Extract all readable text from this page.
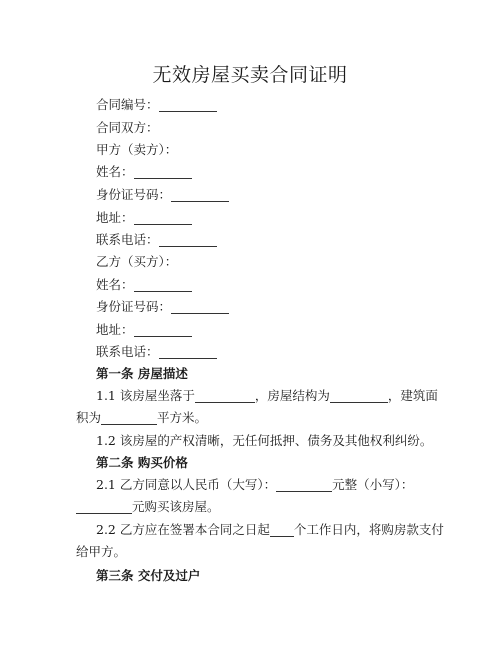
无效房屋买卖合同证明
合同编号：
合同双方：
甲方（卖方）：
姓名：
身份证号码：
地址：
联系电话：
乙方（买方）：
姓名：
身份证号码：
地址：
联系电话：
第一条 房屋描述
1.1 该房屋坐落于	，房屋结构为	，建筑面
积为	平方米。
1.2 该房屋的产权清晰，无任何抵押、债务及其他权利纠纷。
第二条 购买价格
2.1 乙方同意以人民币（大写）：	元整（小写）：
元购买该房屋。
2.2 乙方应在签署本合同之日起 个工作日内，将购房款支付
给甲方。
第三条 交付及过户
